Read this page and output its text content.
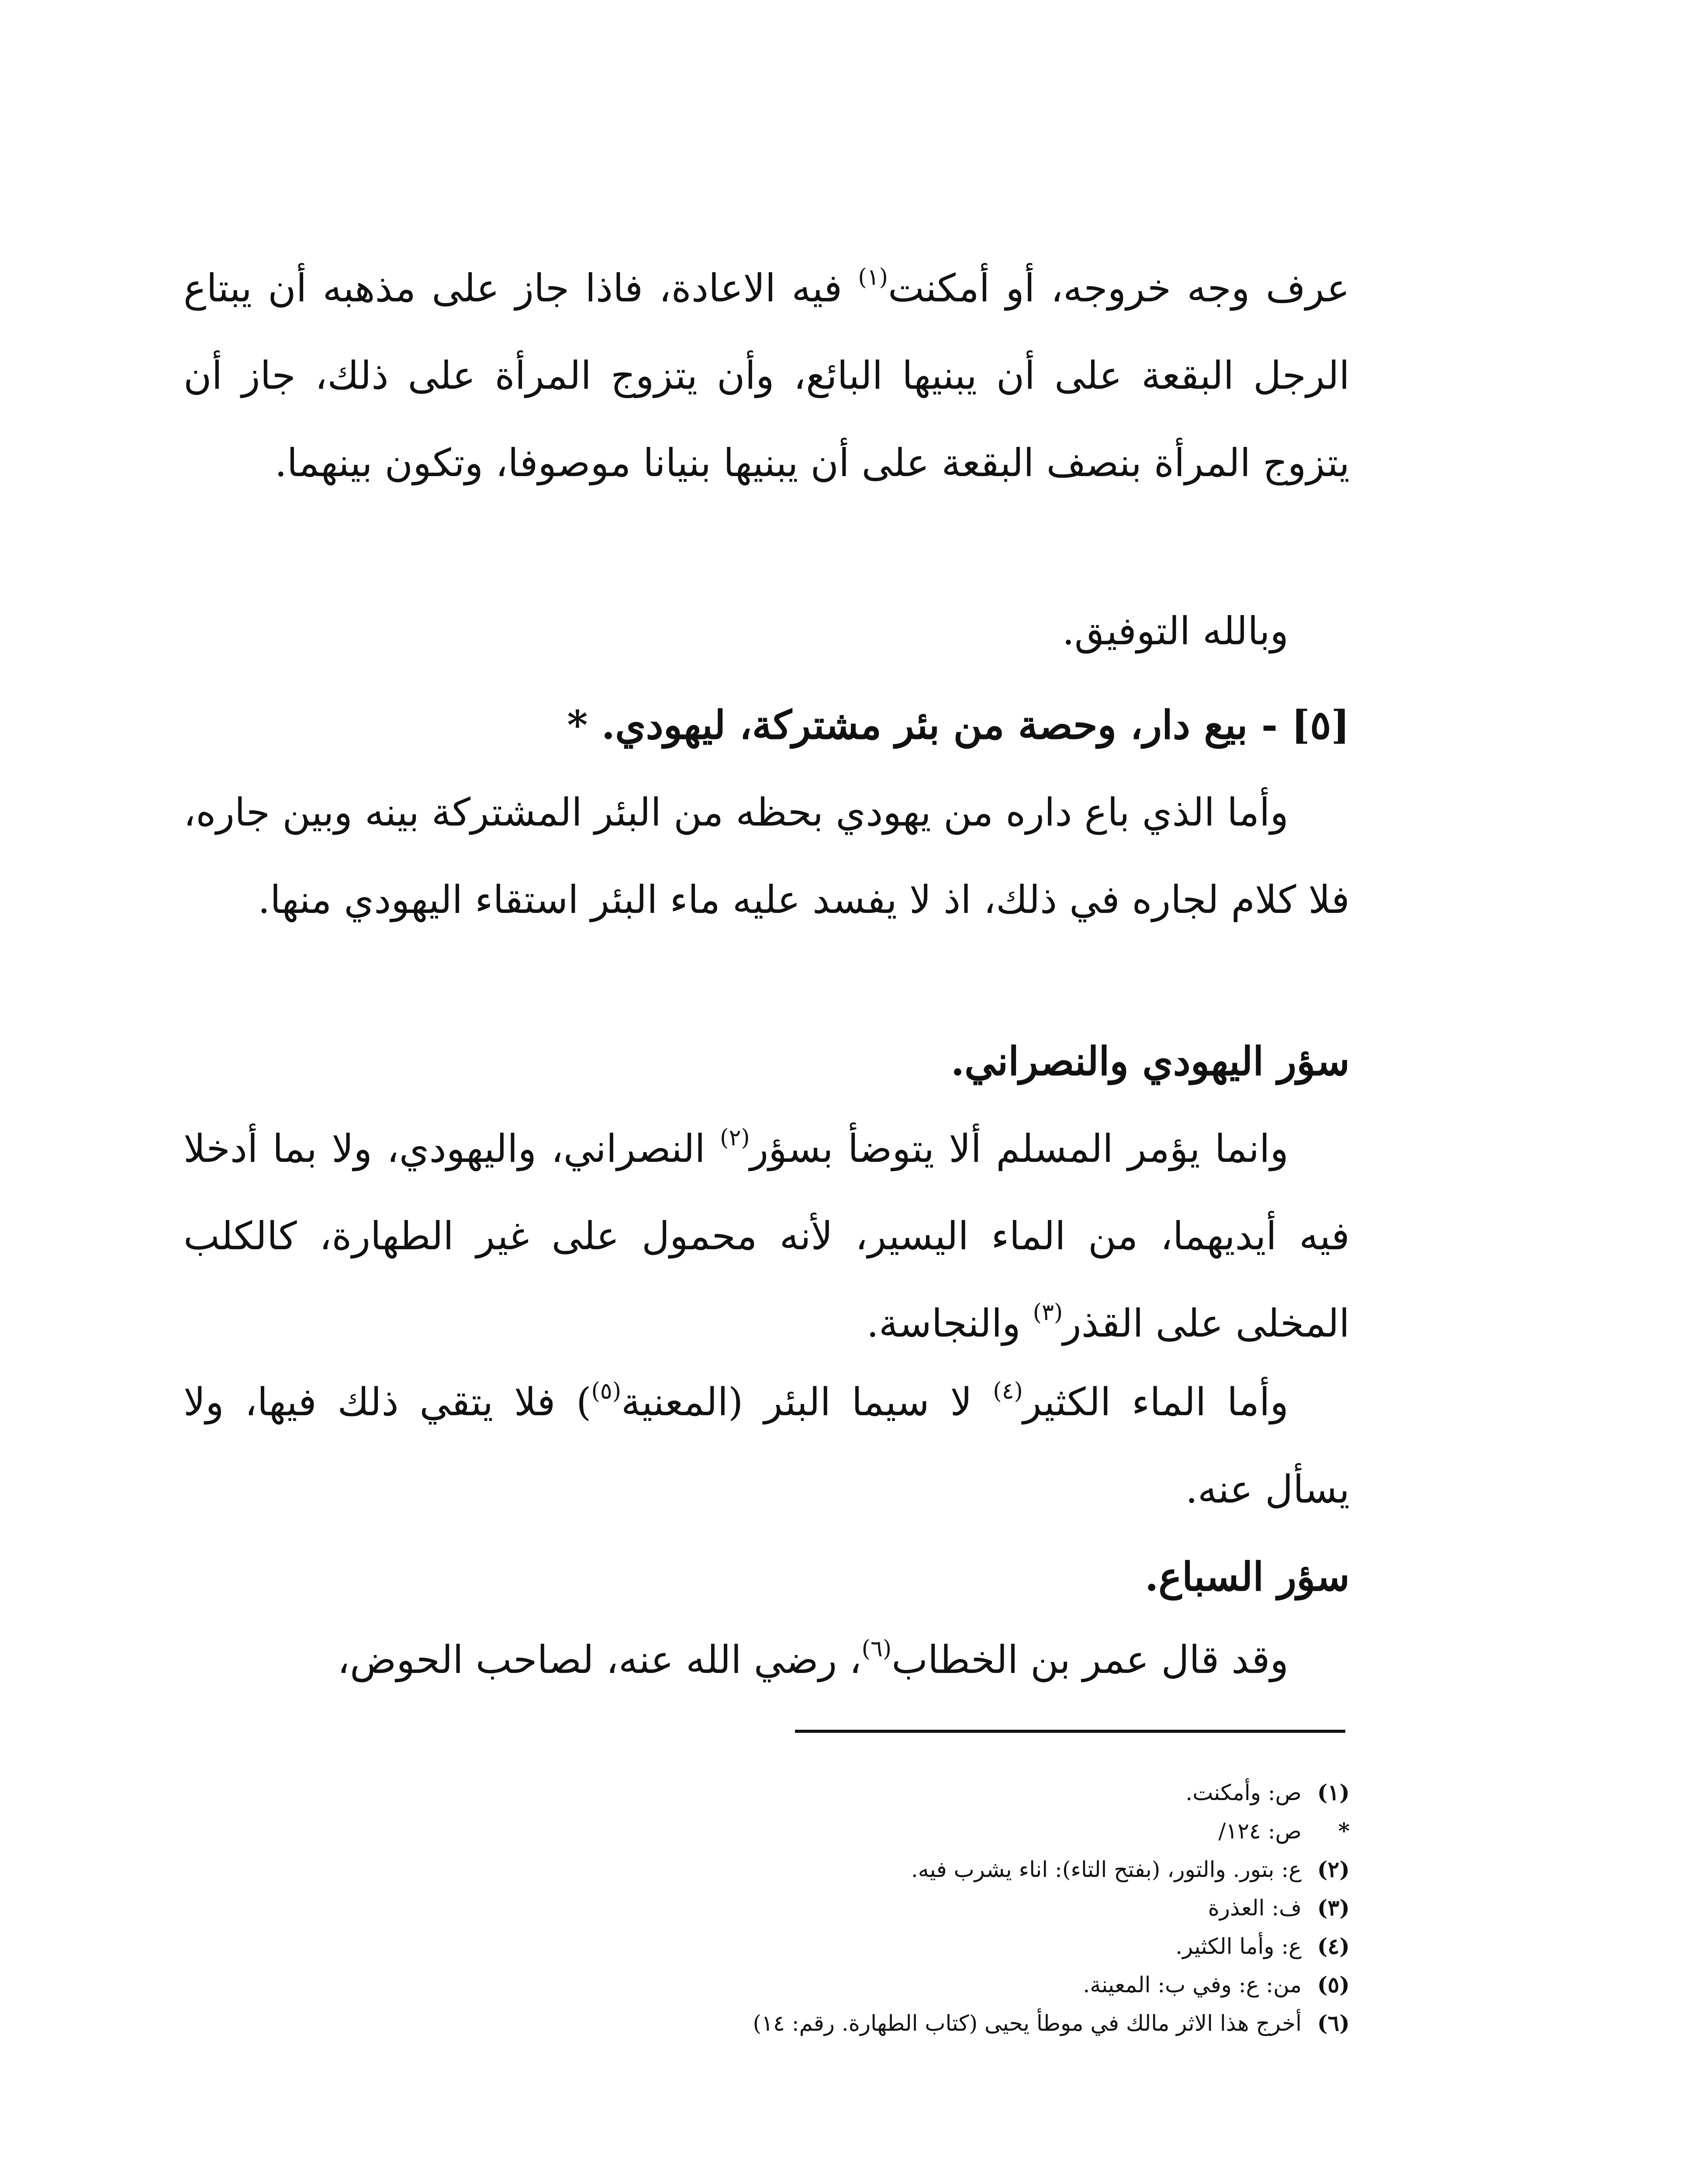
عرف وجه خروجه، أو أمكنت$^{(١)}$ فيه الاعادة، فاذا جاز على مذهبه أن يبتاع الرجل البقعة على أن يبنيها البائع، وأن يتزوج المرأة على ذلك، جاز أن يتزوج المرأة بنصف البقعة على أن يبنيها بنيانا موصوفا، وتكون بينهما.

وبالله التوفيق.

[٥] - بيع دار، وحصة من بئر مشتركة، ليهودي. *

وأما الذي باع داره من يهودي بحظه من البئر المشتركة بينه وبين جاره، فلا كلام لجاره في ذلك، اذ لا يفسد عليه ماء البئر استقاء اليهودي منها.

سؤر اليهودي والنصراني.

وانما يؤمر المسلم ألا يتوضأ بسؤر$^{(٢)}$ النصراني، واليهودي، ولا بما أدخلا فيه أيديهما، من الماء اليسير، لأنه محمول على غير الطهارة، كالكلب المخلى على القذر$^{(٣)}$ والنجاسة.

وأما الماء الكثير$^{(٤)}$ لا سيما البئر (المعنية$^{(٥)}$) فلا يتقي ذلك فيها، ولا يسأل عنه.

سؤر السباع.

وقد قال عمر بن الخطاب$^{(٦)}$، رضي الله عنه، لصاحب الحوض،

(١)ص: وأمكنت.

*ص: ١٢٤/

(٢)ع: بتور. والتور، (بفتح التاء): اناء يشرب فيه.

(٣)ف: العذرة

(٤)ع: وأما الكثير.

(٥)من: ع: وفي ب: المعينة.

(٦)أخرج هذا الاثر مالك في موطأ يحيى (كتاب الطهارة. رقم: ١٤)
